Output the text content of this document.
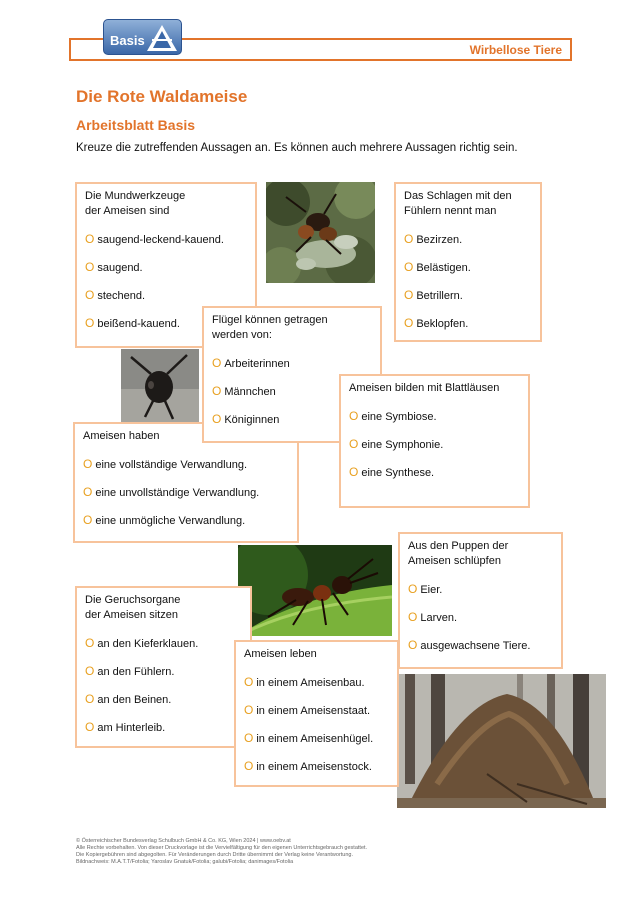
Wirbellose Tiere
Basis
Die Rote Waldameise
Arbeitsblatt Basis
Kreuze die zutreffenden Aussagen an. Es können auch mehrere Aussagen richtig sein.
Die Mundwerkzeuge
der Ameisen sind
O saugend-leckend-kauend.
O saugend.
O stechend.
O beißend-kauend.
Das Schlagen mit den
Fühlern nennt man
O Bezirzen.
O Belästigen.
O Betrillern.
O Beklopfen.
Ameisen haben
O eine vollständige Verwandlung.
O eine unvollständige Verwandlung.
O eine unmögliche Verwandlung.
Flügel können getragen
werden von:
O Arbeiterinnen
O Männchen
O Königinnen
Ameisen bilden mit Blattläusen
O eine Symbiose.
O eine Symphonie.
O eine Synthese.
Aus den Puppen der
Ameisen schlüpfen
O Eier.
O Larven.
O ausgewachsene Tiere.
Die Geruchsorgane
der Ameisen sitzen
O an den Kieferklauen.
O an den Fühlern.
O an den Beinen.
O am Hinterleib.
Ameisen leben
O in einem Ameisenbau.
O in einem Ameisenstaat.
O in einem Ameisenhügel.
O in einem Ameisenstock.
© Österreichischer Bundesverlag Schulbuch GmbH & Co. KG, Wien 2024 | www.oebv.at
Alle Rechte vorbehalten. Von dieser Druckvorlage ist die Vervielfältigung für den eigenen Unterrichtsgebrauch gestattet.
Die Kopiergebühren sind abgegolten. Für Veränderungen durch Dritte übernimmt der Verlag keine Verantwortung.
Bildnachweis: M.A.T.T/Fotolia; Yaroslav Gnatuk/Fotolia; galubi/Fotolia; danimages/Fotolia
